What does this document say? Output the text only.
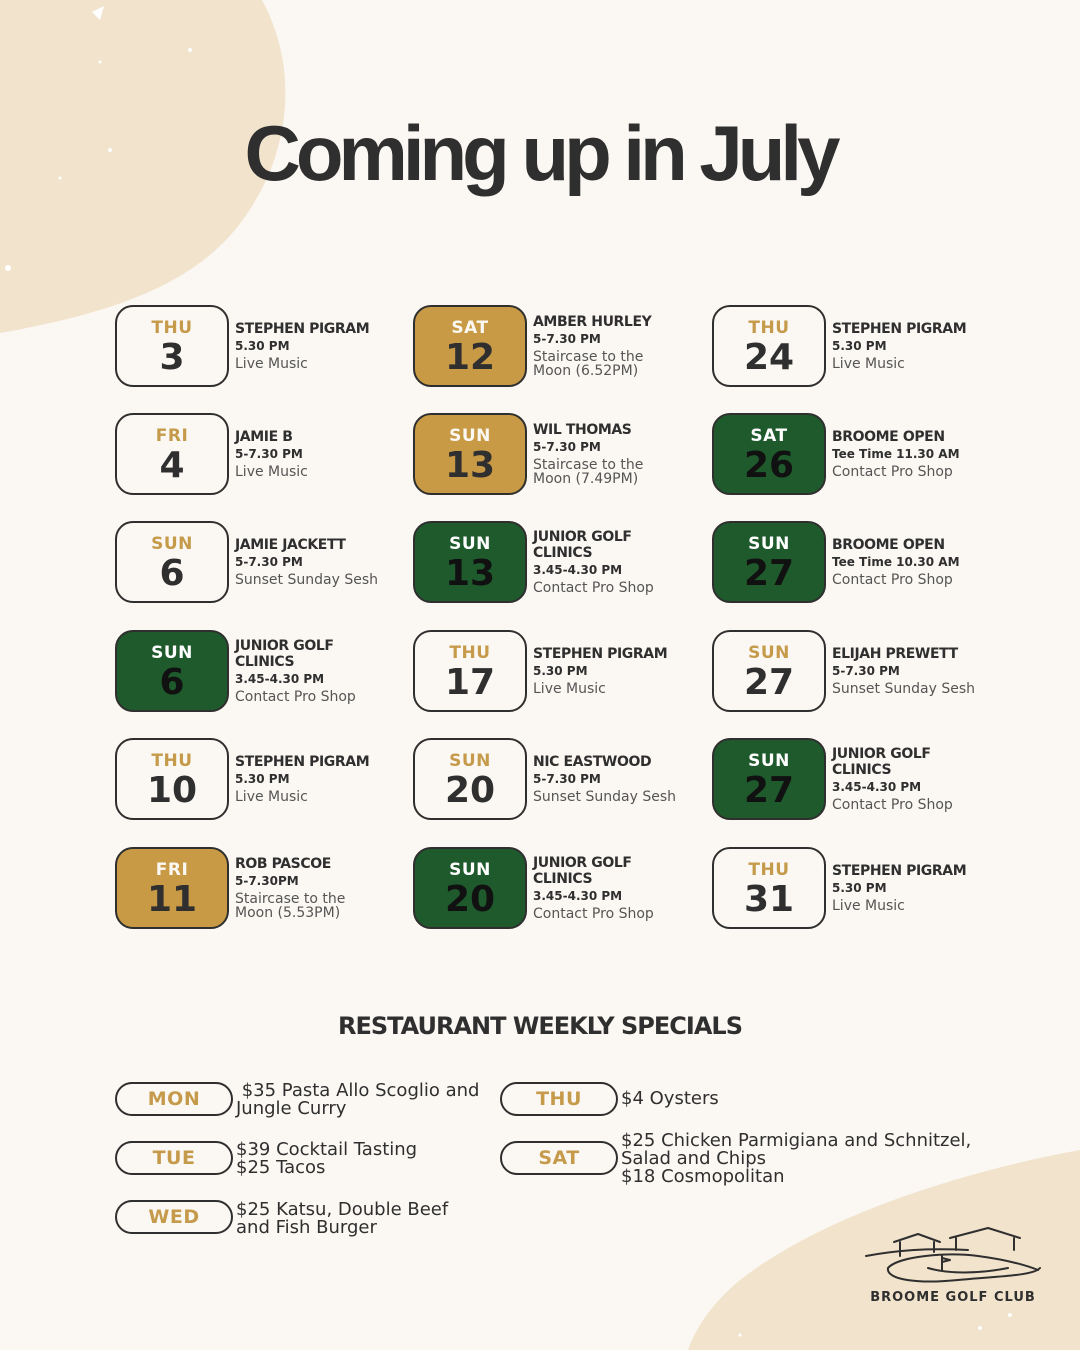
Coming up in July
THU
3
STEPHEN PIGRAM
5.30 PM
Live Music
FRI
4
JAMIE B
5-7.30 PM
Live Music
SUN
6
JAMIE JACKETT
5-7.30 PM
Sunset Sunday Sesh
SUN
6
JUNIOR GOLF CLINICS
3.45-4.30 PM
Contact Pro Shop
THU
10
STEPHEN PIGRAM
5.30 PM
Live Music
FRI
11
ROB PASCOE
5-7.30PM
Staircase to the Moon (5.53PM)
SAT
12
AMBER HURLEY
5-7.30 PM
Staircase to the Moon (6.52PM)
SUN
13
WIL THOMAS
5-7.30 PM
Staircase to the Moon (7.49PM)
SUN
13
JUNIOR GOLF CLINICS
3.45-4.30 PM
Contact Pro Shop
THU
17
STEPHEN PIGRAM
5.30 PM
Live Music
SUN
20
NIC EASTWOOD
5-7.30 PM
Sunset Sunday Sesh
SUN
20
JUNIOR GOLF CLINICS
3.45-4.30 PM
Contact Pro Shop
THU
24
STEPHEN PIGRAM
5.30 PM
Live Music
SAT
26
BROOME OPEN
Tee Time 11.30 AM
Contact Pro Shop
SUN
27
BROOME OPEN
Tee Time 10.30 AM
Contact Pro Shop
SUN
27
ELIJAH PREWETT
5-7.30 PM
Sunset Sunday Sesh
SUN
27
JUNIOR GOLF CLINICS
3.45-4.30 PM
Contact Pro Shop
THU
31
STEPHEN PIGRAM
5.30 PM
Live Music
RESTAURANT WEEKLY SPECIALS
MON	$35 Pasta Allo Scoglio and
Jungle Curry
TUE	$39 Cocktail Tasting
$25 Tacos
WED	$25 Katsu, Double Beef
and Fish Burger
THU	$4 Oysters
SAT
$25 Chicken Parmigiana and Schnitzel,
Salad and Chips
$18 Cosmopolitan
BROOME GOLF CLUB
